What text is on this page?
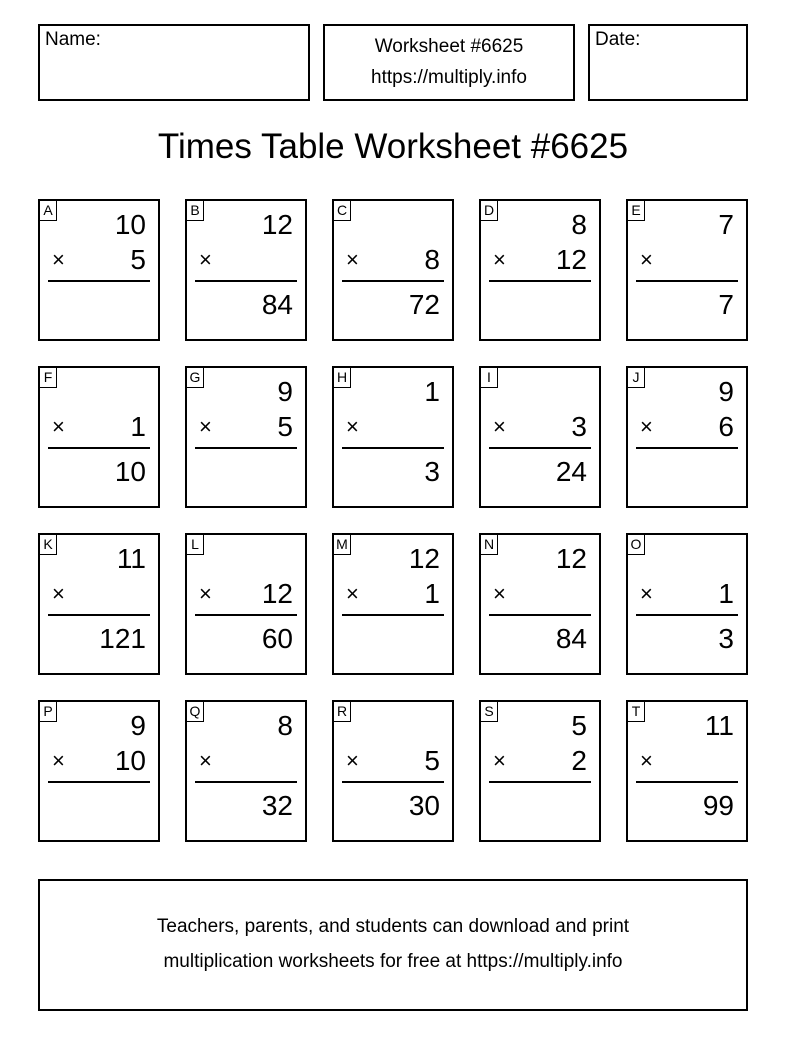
Name:	Worksheet #6625
https://multiply.info
Date:
Times Table Worksheet #6625
A 10
× 5
B 12
×
84
C
× 8
72
D	8
× 12
E	7
×
7
F
× 1
10
G	9
× 5
H	1
×
3
I
× 3
24
J	9
× 6
K 11
×
121
L
× 12
60
M 12
× 1
N 12
×
84
O
× 1
3
P	9
× 10
Q	8
×
32
R
× 5
30
S	5
× 2
T 11
×
99
Teachers, parents, and students can download and print
multiplication worksheets for free at https://multiply.info
